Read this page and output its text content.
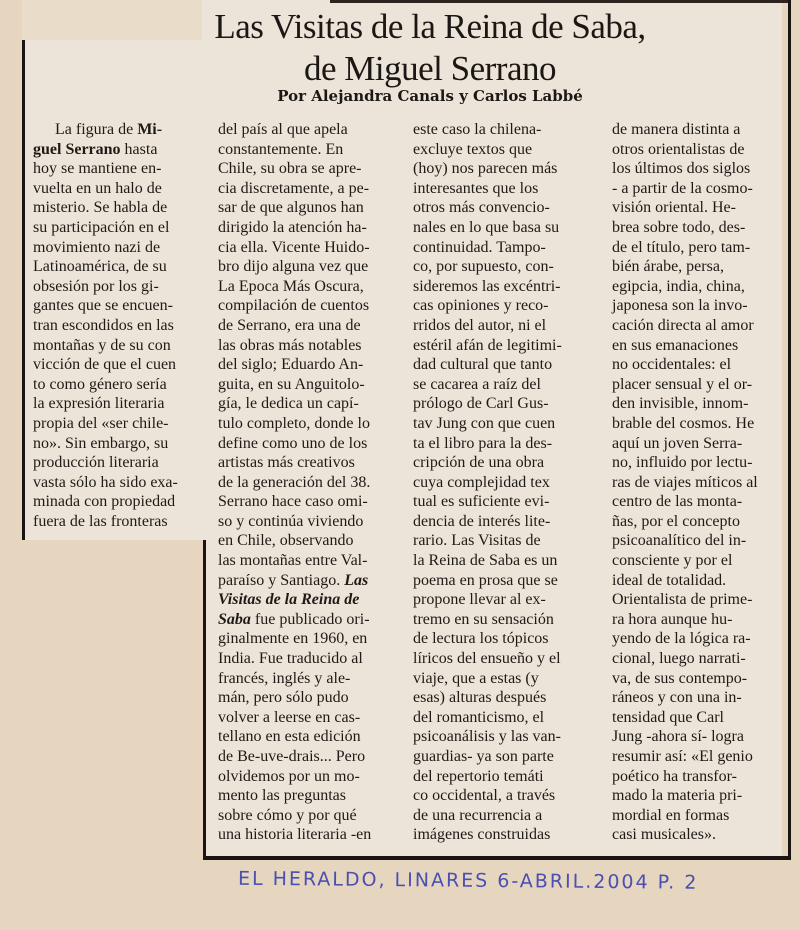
Las Visitas de la Reina de Saba,
de Miguel Serrano
Por Alejandra Canals y Carlos Labbé
La figura de Mi-
guel Serrano hasta
hoy se mantiene en-
vuelta en un halo de
misterio. Se habla de
su participación en el
movimiento nazi de
Latinoamérica, de su
obsesión por los gi-
gantes que se encuen-
tran escondidos en las
montañas y de su con
vicción de que el cuen
to como género sería
la expresión literaria
propia del «ser chile-
no». Sin embargo, su
producción literaria
vasta sólo ha sido exa-
minada con propiedad
fuera de las fronteras
del país al que apela
constantemente. En
Chile, su obra se apre-
cia discretamente, a pe-
sar de que algunos han
dirigido la atención ha-
cia ella. Vicente Huido-
bro dijo alguna vez que
La Epoca Más Oscura,
compilación de cuentos
de Serrano, era una de
las obras más notables
del siglo; Eduardo An-
guita, en su Anguitolo-
gía, le dedica un capí-
tulo completo, donde lo
define como uno de los
artistas más creativos
de la generación del 38.
Serrano hace caso omi-
so y continúa viviendo
en Chile, observando
las montañas entre Val-
paraíso y Santiago. Las
Visitas de la Reina de
Saba fue publicado ori-
ginalmente en 1960, en
India. Fue traducido al
francés, inglés y ale-
mán, pero sólo pudo
volver a leerse en cas-
tellano en esta edición
de Be-uve-drais... Pero
olvidemos por un mo-
mento las preguntas
sobre cómo y por qué
una historia literaria -en
este caso la chilena-
excluye textos que
(hoy) nos parecen más
interesantes que los
otros más convencio-
nales en lo que basa su
continuidad. Tampo-
co, por supuesto, con-
sideremos las excéntri-
cas opiniones y reco-
rridos del autor, ni el
estéril afán de legitimi-
dad cultural que tanto
se cacarea a raíz del
prólogo de Carl Gus-
tav Jung con que cuen
ta el libro para la des-
cripción de una obra
cuya complejidad tex
tual es suficiente evi-
dencia de interés lite-
rario. Las Visitas de
la Reina de Saba es un
poema en prosa que se
propone llevar al ex-
tremo en su sensación
de lectura los tópicos
líricos del ensueño y el
viaje, que a estas (y
esas) alturas después
del romanticismo, el
psicoanálisis y las van-
guardias- ya son parte
del repertorio temáti
co occidental, a través
de una recurrencia a
imágenes construidas
de manera distinta a
otros orientalistas de
los últimos dos siglos
- a partir de la cosmo-
visión oriental. He-
brea sobre todo, des-
de el título, pero tam-
bién árabe, persa,
egipcia, india, china,
japonesa son la invo-
cación directa al amor
en sus emanaciones
no occidentales: el
placer sensual y el or-
den invisible, innom-
brable del cosmos. He
aquí un joven Serra-
no, influido por lectu-
ras de viajes míticos al
centro de las monta-
ñas, por el concepto
psicoanalítico del in-
consciente y por el
ideal de totalidad.
Orientalista de prime-
ra hora aunque hu-
yendo de la lógica ra-
cional, luego narrati-
va, de sus contempo-
ráneos y con una in-
tensidad que Carl
Jung -ahora sí- logra
resumir así: «El genio
poético ha transfor-
mado la materia pri-
mordial en formas
casi musicales».
EL HERALDO, LINARES 6-ABRIL.2004 P. 2
